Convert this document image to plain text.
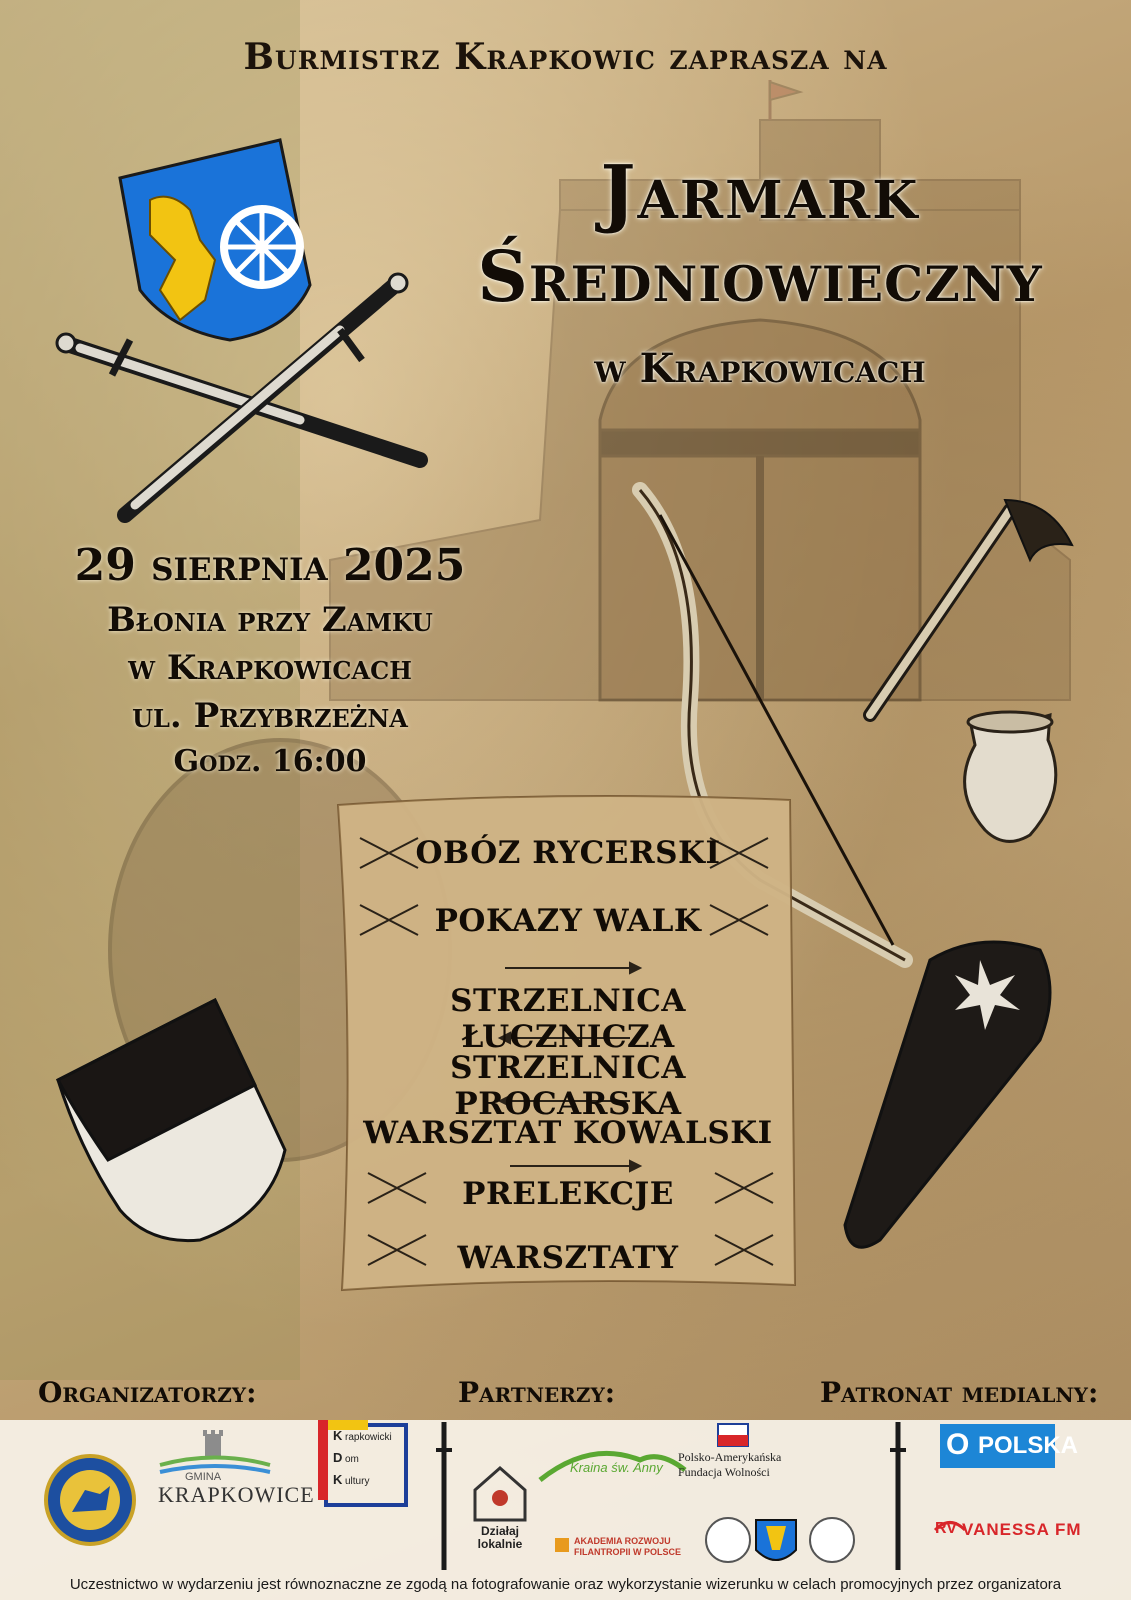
Burmistrz Krapkowic zaprasza na
Jarmark
Średniowieczny
w Krapkowicach
29 sierpnia 2025
Błonia przy Zamku
w Krapkowicach
ul. Przybrzeżna
Godz. 16:00
OBÓZ RYCERSKI
POKAZY WALK
STRZELNICA ŁUCZNICZA
STRZELNICA PROCARSKA
WARSZTAT KOWALSKI
PRELEKCJE
WARSZTATY
Organizatorzy:	Partnerzy:	Patronat medialny:
GMINA
KRAPKOWICE
K rapkowicki
D om
K ultury
Działaj lokalnie
Kraina św. Anny
Polsko-Amerykańska
Fundacja Wolności
AKADEMIA ROZWOJU
FILANTROPII W POLSCE
O POLSKA
RV VANESSA FM
Uczestnictwo w wydarzeniu jest równoznaczne ze zgodą na fotografowanie oraz wykorzystanie wizerunku w celach promocyjnych przez organizatora
